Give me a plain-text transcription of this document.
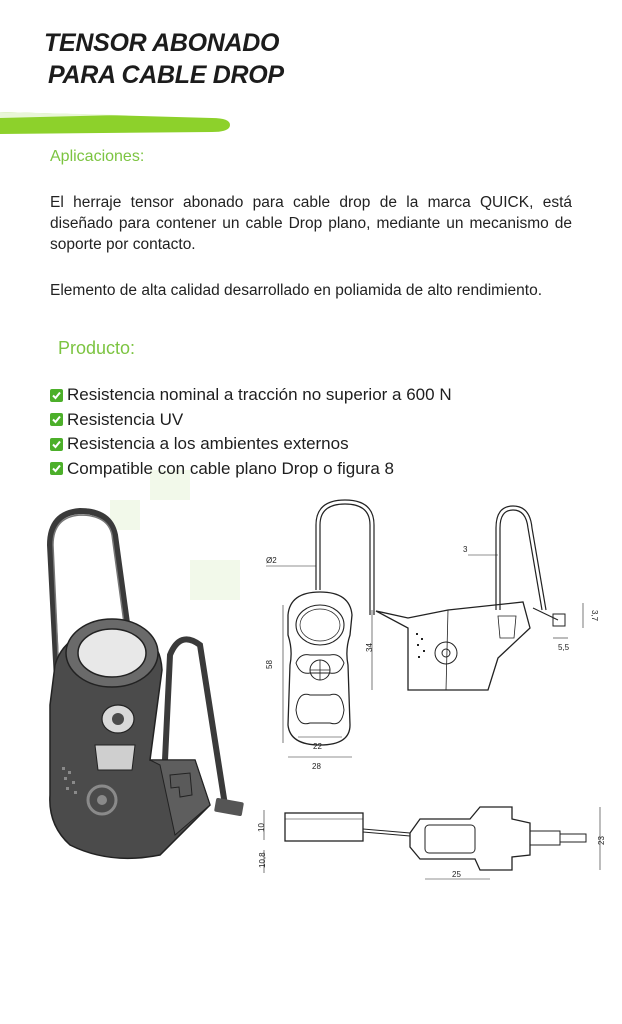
TENSOR ABONADO
PARA CABLE DROP
Aplicaciones:

El herraje tensor abonado para cable drop de la marca QUICK, está diseñado para contener un cable Drop plano, mediante un mecanismo de soporte por contacto.

Elemento de alta calidad desarrollado en poliamida de alto rendimiento.

Producto:
Resistencia nominal a tracción no superior a 600 N
Resistencia UV
Resistencia a los ambientes externos
Compatible con cable plano Drop o figura 8
Ø2
58
22
28
3
3,7
5,5
34
10
10,8
23
25
